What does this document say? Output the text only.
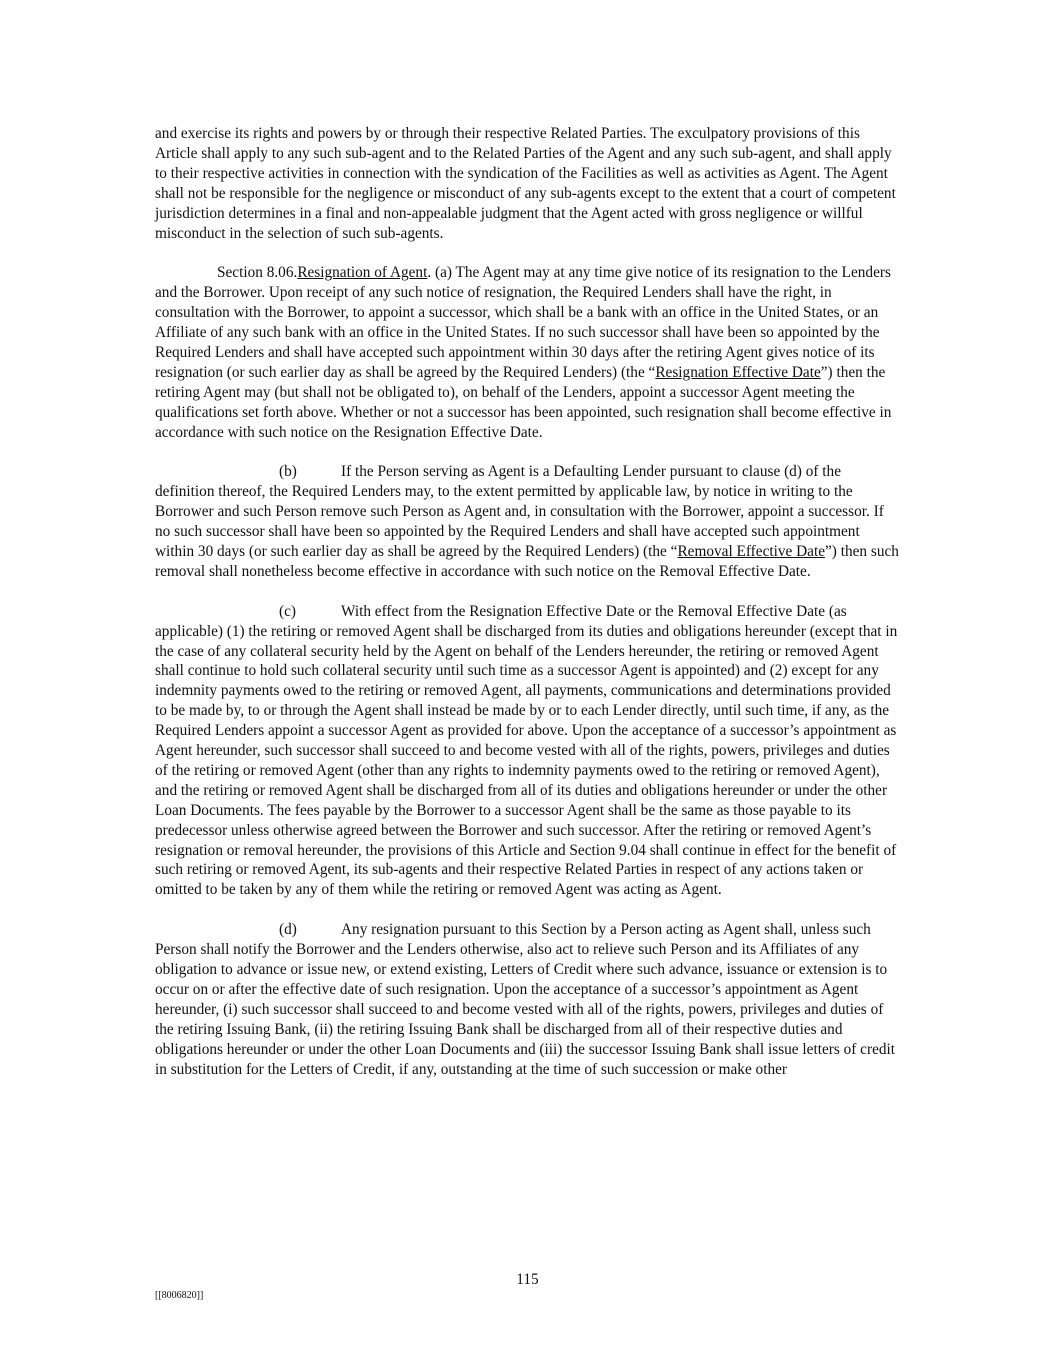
and exercise its rights and powers by or through their respective Related Parties. The exculpatory provisions of this Article shall apply to any such sub-agent and to the Related Parties of the Agent and any such sub-agent, and shall apply to their respective activities in connection with the syndication of the Facilities as well as activities as Agent. The Agent shall not be responsible for the negligence or misconduct of any sub-agents except to the extent that a court of competent jurisdiction determines in a final and non-appealable judgment that the Agent acted with gross negligence or willful misconduct in the selection of such sub-agents.

Section 8.06.Resignation of Agent. (a) The Agent may at any time give notice of its resignation to the Lenders and the Borrower. Upon receipt of any such notice of resignation, the Required Lenders shall have the right, in consultation with the Borrower, to appoint a successor, which shall be a bank with an office in the United States, or an Affiliate of any such bank with an office in the United States. If no such successor shall have been so appointed by the Required Lenders and shall have accepted such appointment within 30 days after the retiring Agent gives notice of its resignation (or such earlier day as shall be agreed by the Required Lenders) (the “Resignation Effective Date”) then the retiring Agent may (but shall not be obligated to), on behalf of the Lenders, appoint a successor Agent meeting the qualifications set forth above. Whether or not a successor has been appointed, such resignation shall become effective in accordance with such notice on the Resignation Effective Date.

(b)	If the Person serving as Agent is a Defaulting Lender pursuant to clause (d) of the definition thereof, the Required Lenders may, to the extent permitted by applicable law, by notice in writing to the Borrower and such Person remove such Person as Agent and, in consultation with the Borrower, appoint a successor. If no such successor shall have been so appointed by the Required Lenders and shall have accepted such appointment within 30 days (or such earlier day as shall be agreed by the Required Lenders) (the “Removal Effective Date”) then such removal shall nonetheless become effective in accordance with such notice on the Removal Effective Date.

(c)	With effect from the Resignation Effective Date or the Removal Effective Date (as applicable) (1) the retiring or removed Agent shall be discharged from its duties and obligations hereunder (except that in the case of any collateral security held by the Agent on behalf of the Lenders hereunder, the retiring or removed Agent shall continue to hold such collateral security until such time as a successor Agent is appointed) and (2) except for any indemnity payments owed to the retiring or removed Agent, all payments, communications and determinations provided to be made by, to or through the Agent shall instead be made by or to each Lender directly, until such time, if any, as the Required Lenders appoint a successor Agent as provided for above. Upon the acceptance of a successor’s appointment as Agent hereunder, such successor shall succeed to and become vested with all of the rights, powers, privileges and duties of the retiring or removed Agent (other than any rights to indemnity payments owed to the retiring or removed Agent), and the retiring or removed Agent shall be discharged from all of its duties and obligations hereunder or under the other Loan Documents. The fees payable by the Borrower to a successor Agent shall be the same as those payable to its predecessor unless otherwise agreed between the Borrower and such successor. After the retiring or removed Agent’s resignation or removal hereunder, the provisions of this Article and Section 9.04 shall continue in effect for the benefit of such retiring or removed Agent, its sub-agents and their respective Related Parties in respect of any actions taken or omitted to be taken by any of them while the retiring or removed Agent was acting as Agent.

(d)	Any resignation pursuant to this Section by a Person acting as Agent shall, unless such Person shall notify the Borrower and the Lenders otherwise, also act to relieve such Person and its Affiliates of any obligation to advance or issue new, or extend existing, Letters of Credit where such advance, issuance or extension is to occur on or after the effective date of such resignation. Upon the acceptance of a successor’s appointment as Agent hereunder, (i) such successor shall succeed to and become vested with all of the rights, powers, privileges and duties of the retiring Issuing Bank, (ii) the retiring Issuing Bank shall be discharged from all of their respective duties and obligations hereunder or under the other Loan Documents and (iii) the successor Issuing Bank shall issue letters of credit in substitution for the Letters of Credit, if any, outstanding at the time of such succession or make other

115
[[8006820]]
